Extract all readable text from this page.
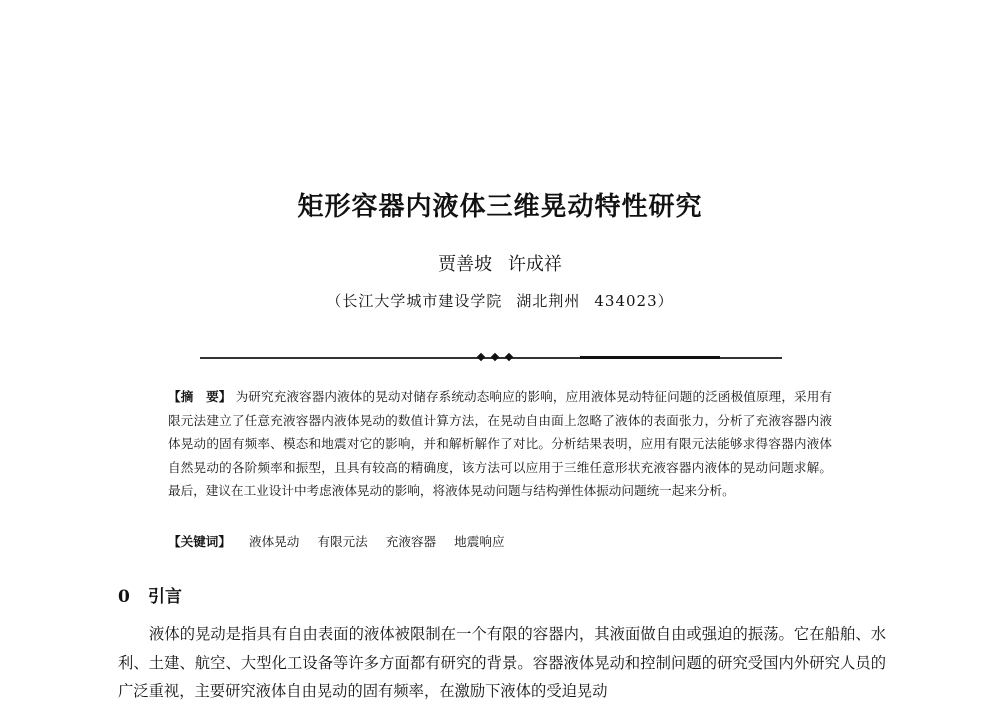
矩形容器内液体三维晃动特性研究
贾善坡 许成祥
（长江大学城市建设学院 湖北荆州 434023）
【摘　要】 为研究充液容器内液体的晃动对储存系统动态响应的影响，应用液体晃动特征问题的泛函极值原理，采用有限元法建立了任意充液容器内液体晃动的数值计算方法，在晃动自由面上忽略了液体的表面张力，分析了充液容器内液体晃动的固有频率、模态和地震对它的影响，并和解析解作了对比。分析结果表明，应用有限元法能够求得容器内液体自然晃动的各阶频率和振型，且具有较高的精确度，该方法可以应用于三维任意形状充液容器内液体的晃动问题求解。最后，建议在工业设计中考虑液体晃动的影响，将液体晃动问题与结构弹性体振动问题统一起来分析。
【关键词】 液体晃动 有限元法 充液容器 地震响应
0 引言

液体的晃动是指具有自由表面的液体被限制在一个有限的容器内，其液面做自由或强迫的振荡。它在船舶、水利、土建、航空、大型化工设备等许多方面都有研究的背景。容器液体晃动和控制问题的研究受国内外研究人员的广泛重视，主要研究液体自由晃动的固有频率，在激励下液体的受迫晃动
